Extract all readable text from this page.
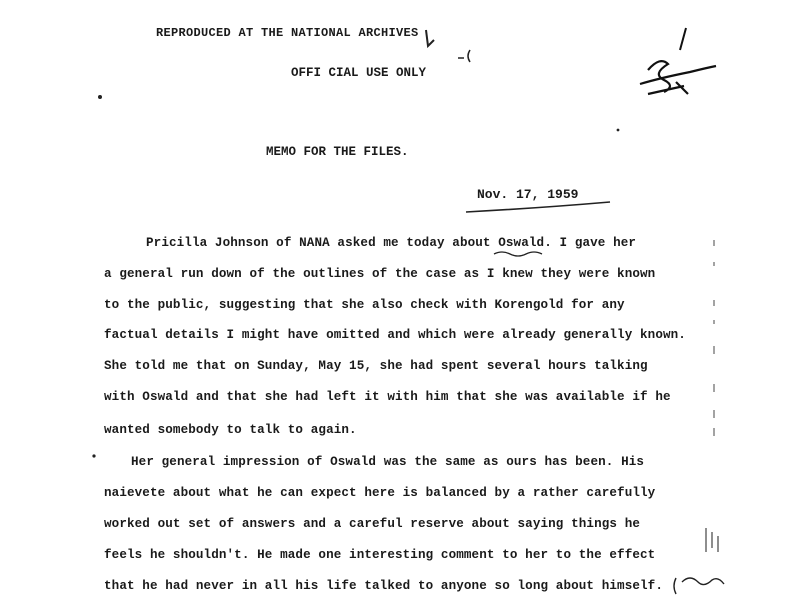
REPRODUCED AT THE NATIONAL ARCHIVES
OFFI CIAL USE ONLY
MEMO FOR THE FILES.
Nov. 17, 1959
Pricilla Johnson of NANA asked me today about Oswald. I gave her
a general run down of the outlines of the case as I knew they were known
to the public, suggesting that she also check with Korengold for any
factual details I might have omitted and which were already generally known.
She told me that on Sunday, May 15, she had spent several hours talking
with Oswald and that she had left it with him that she was available if he
wanted somebody to talk to again.
Her general impression of Oswald was the same as ours has been. His
naievete about what he can expect here is balanced by a rather carefully
worked out set of answers and a careful reserve about saying things he
feels he shouldn't. He made one interesting comment to her to the effect
that he had never in all his life talked to anyone so long about himself.
